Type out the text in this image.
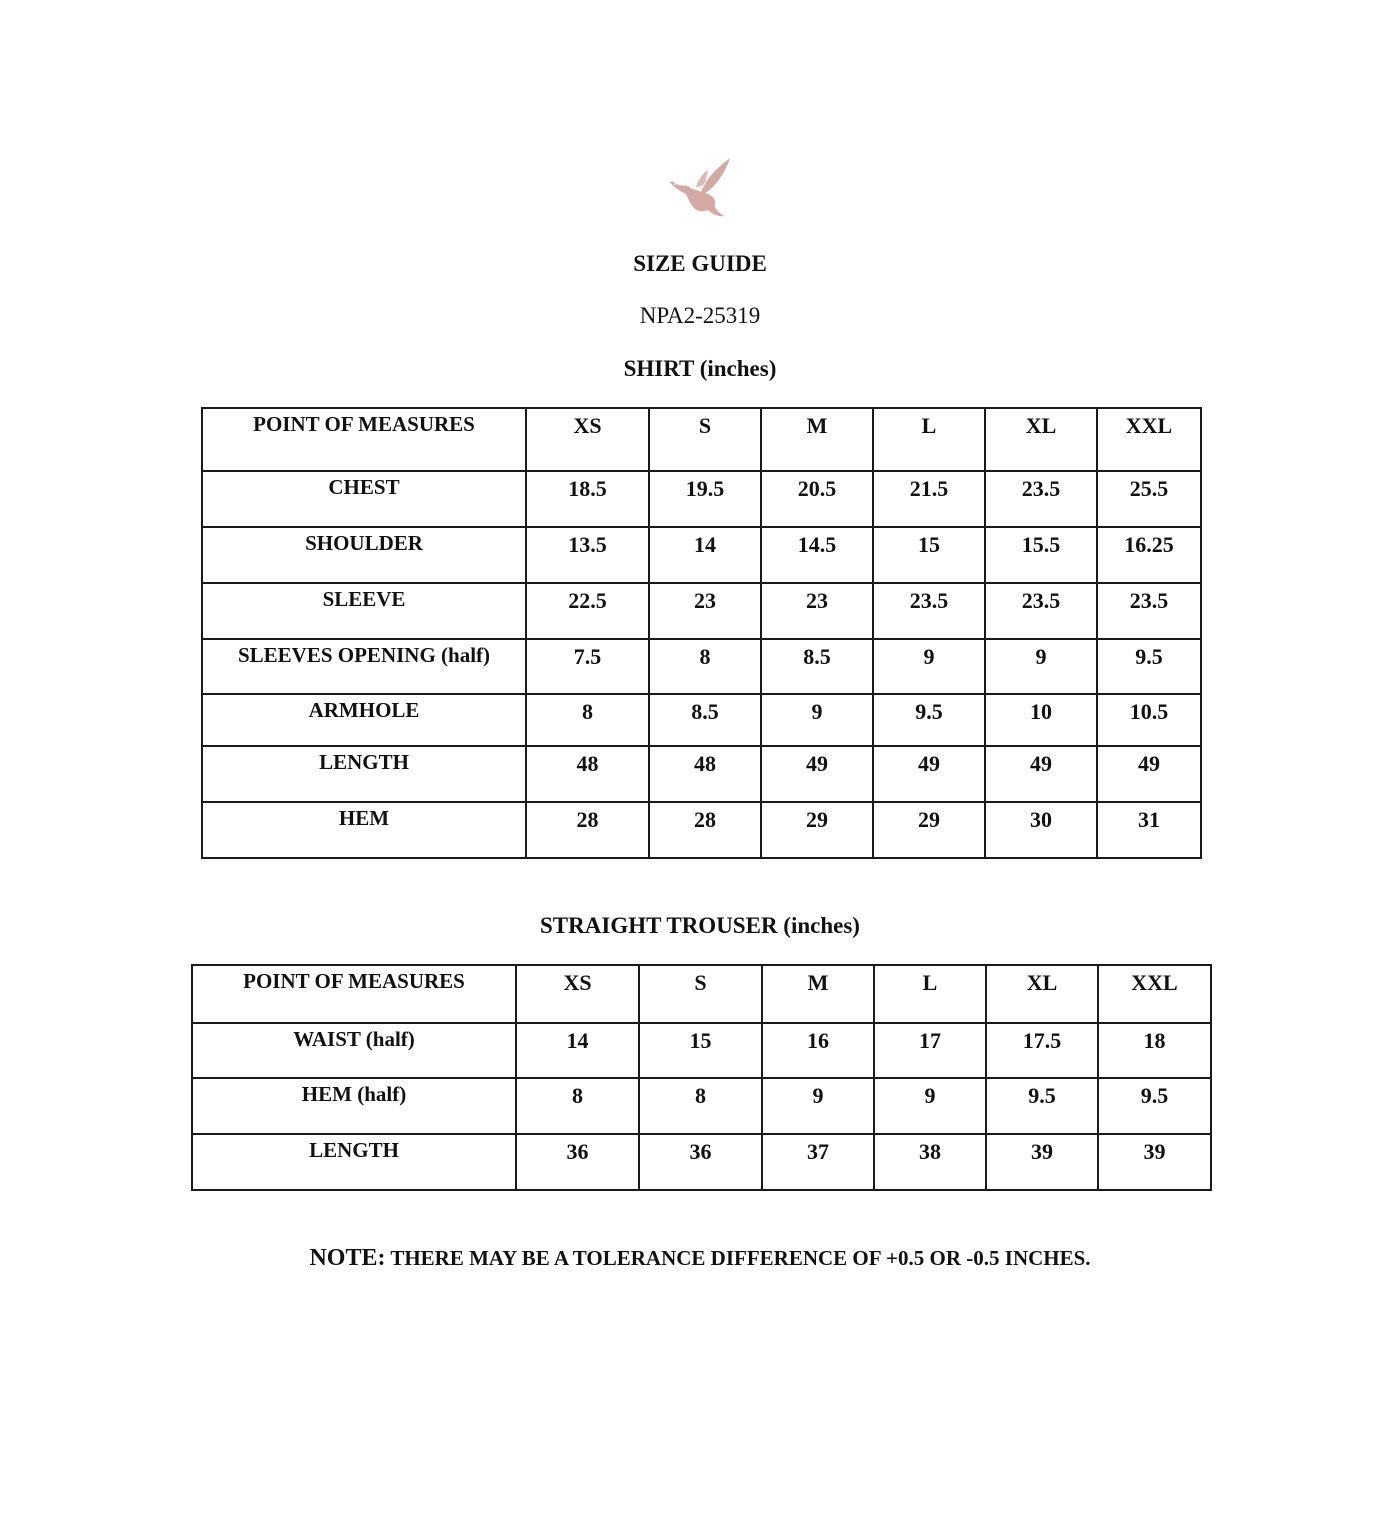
SIZE GUIDE
NPA2-25319
SHIRT (inches)
POINT OF MEASURES	XS	S	M	L	XL	XXL
CHEST	18.5	19.5	20.5	21.5	23.5	25.5
SHOULDER	13.5	14	14.5	15	15.5	16.25
SLEEVE	22.5	23	23	23.5	23.5	23.5
SLEEVES OPENING (half)	7.5	8	8.5	9	9	9.5
ARMHOLE	8	8.5	9	9.5	10	10.5
LENGTH	48	48	49	49	49	49
HEM	28	28	29	29	30	31
STRAIGHT TROUSER (inches)
POINT OF MEASURES	XS	S	M	L	XL	XXL
WAIST (half)	14	15	16	17	17.5	18
HEM (half)	8	8	9	9	9.5	9.5
LENGTH	36	36	37	38	39	39
NOTE: THERE MAY BE A TOLERANCE DIFFERENCE OF +0.5 OR -0.5 INCHES.
